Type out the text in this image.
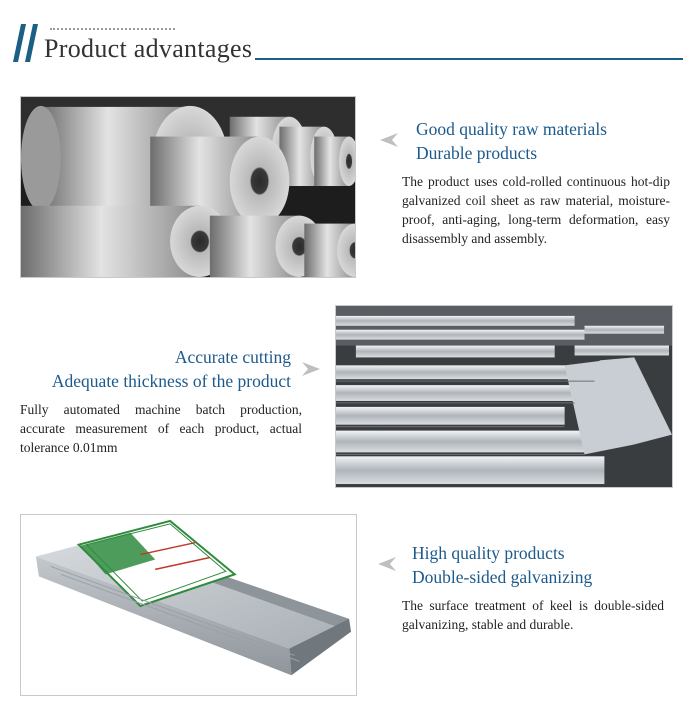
Product advantages
Good quality raw materials
Durable products
The product uses cold-rolled continuous hot-dip galvanized coil sheet as raw material, moisture-proof, anti-aging, long-term deformation, easy disassembly and assembly.
Accurate cutting
Adequate thickness of the product
Fully automated machine batch production, accurate measurement of each product, actual tolerance 0.01mm
High quality products
Double-sided galvanizing
The surface treatment of keel is double-sided galvanizing, stable and durable.
